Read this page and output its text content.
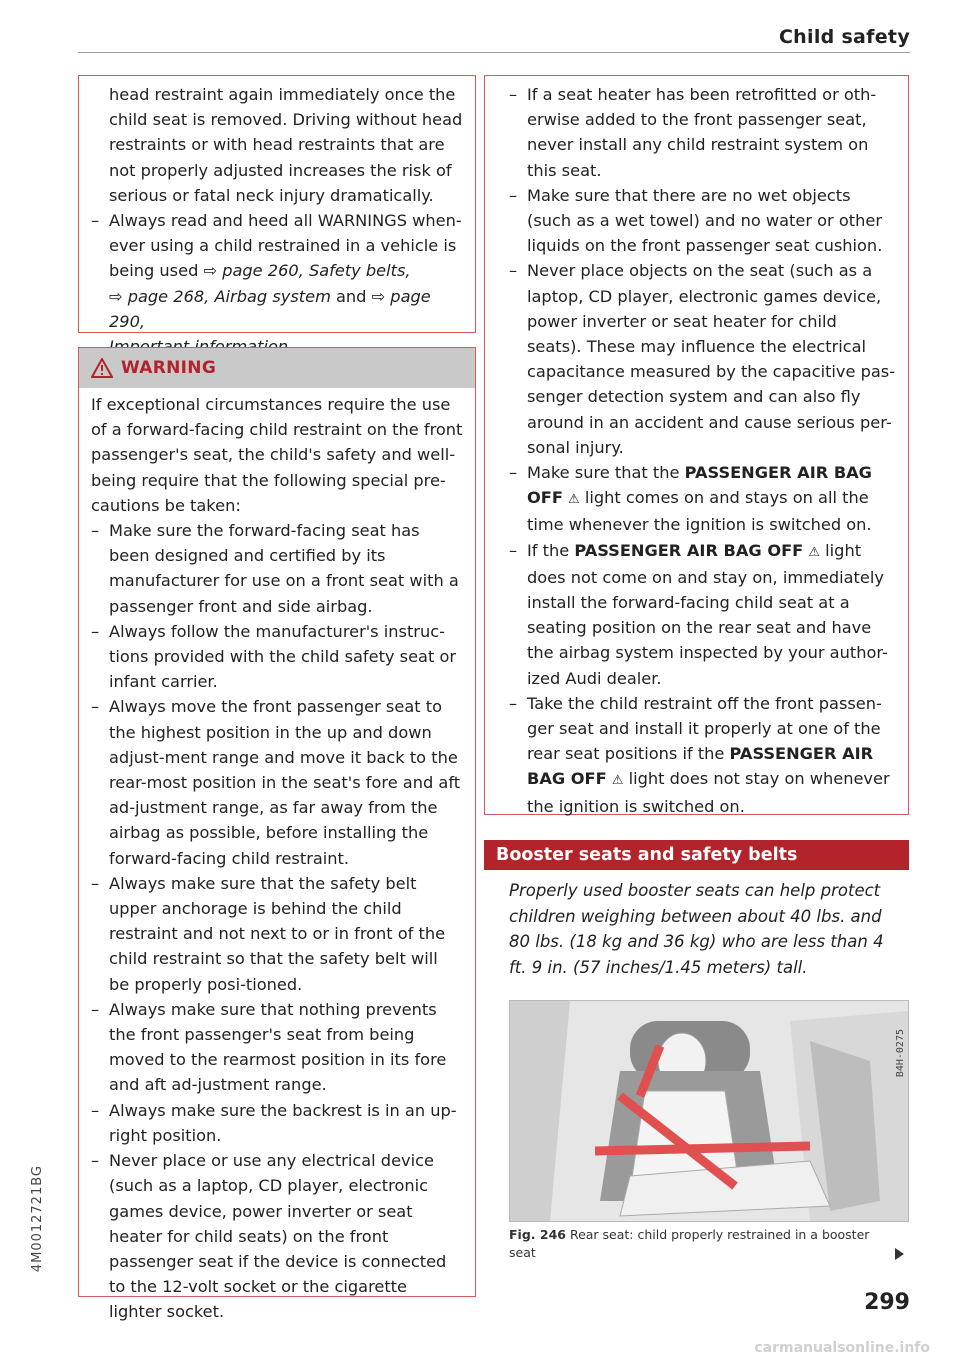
Child safety
head restraint again immediately once the child seat is removed. Driving without head restraints or with head restraints that are not properly adjusted increases the risk of serious or fatal neck injury dramatically.
– Always read and heed all WARNINGS when-ever using a child restrained in a vehicle is being used ⇨ page 260, Safety belts,
⇨ page 268, Airbag system and ⇨ page 290,

WARNING
If exceptional circumstances require the use of a forward-facing child restraint on the front passenger's seat, the child's safety and well-being require that the following special pre-cautions be taken:
– Make sure the forward-facing seat has been designed and certified by its manufacturer for use on a front seat with a passenger front and side airbag.
– Always follow the manufacturer's instruc-tions provided with the child safety seat or infant carrier.
– Always move the front passenger seat to the highest position in the up and down adjust-ment range and move it back to the rear-most position in the seat's fore and aft ad-justment range, as far away from the airbag as possible, before installing the forward-facing child restraint.
– Always make sure that the safety belt upper anchorage is behind the child restraint and not next to or in front of the child restraint so that the safety belt will be properly posi-tioned.
– Always make sure that nothing prevents the front passenger's seat from being moved to the rearmost position in its fore and aft ad-justment range.
– Always make sure the backrest is in an up-right position.
– Never place or use any electrical device (such as a laptop, CD player, electronic games device, power inverter or seat heater for child seats) on the front passenger seat if the device is connected to the 12-volt socket or the cigarette lighter socket.
– If a seat heater has been retrofitted or oth-erwise added to the front passenger seat, never install any child restraint system on this seat.
– Make sure that there are no wet objects (such as a wet towel) and no water or other liquids on the front passenger seat cushion.
– Never place objects on the seat (such as a laptop, CD player, electronic games device, power inverter or seat heater for child seats). These may influence the electrical capacitance measured by the capacitive pas-senger detection system and can also fly around in an accident and cause serious per-sonal injury.
– Make sure that the PASSENGER AIR BAG OFF ⚠ light comes on and stays on all the time whenever the ignition is switched on.
– If the PASSENGER AIR BAG OFF ⚠ light does not come on and stay on, immediately install the forward-facing child seat at a seating position on the rear seat and have the airbag system inspected by your author-ized Audi dealer.
– Take the child restraint off the front passen-ger seat and install it properly at one of the rear seat positions if the PASSENGER AIR BAG OFF ⚠ light does not stay on whenever the ignition is switched on.
Booster seats and safety belts
Properly used booster seats can help protect children weighing between about 40 lbs. and 80 lbs. (18 kg and 36 kg) who are less than 4 ft. 9 in. (57 inches/1.45 meters) tall.
B4H-0275
Fig. 246 Rear seat: child properly restrained in a booster seat
299
4M0012721BG
carmanualsonline.info
